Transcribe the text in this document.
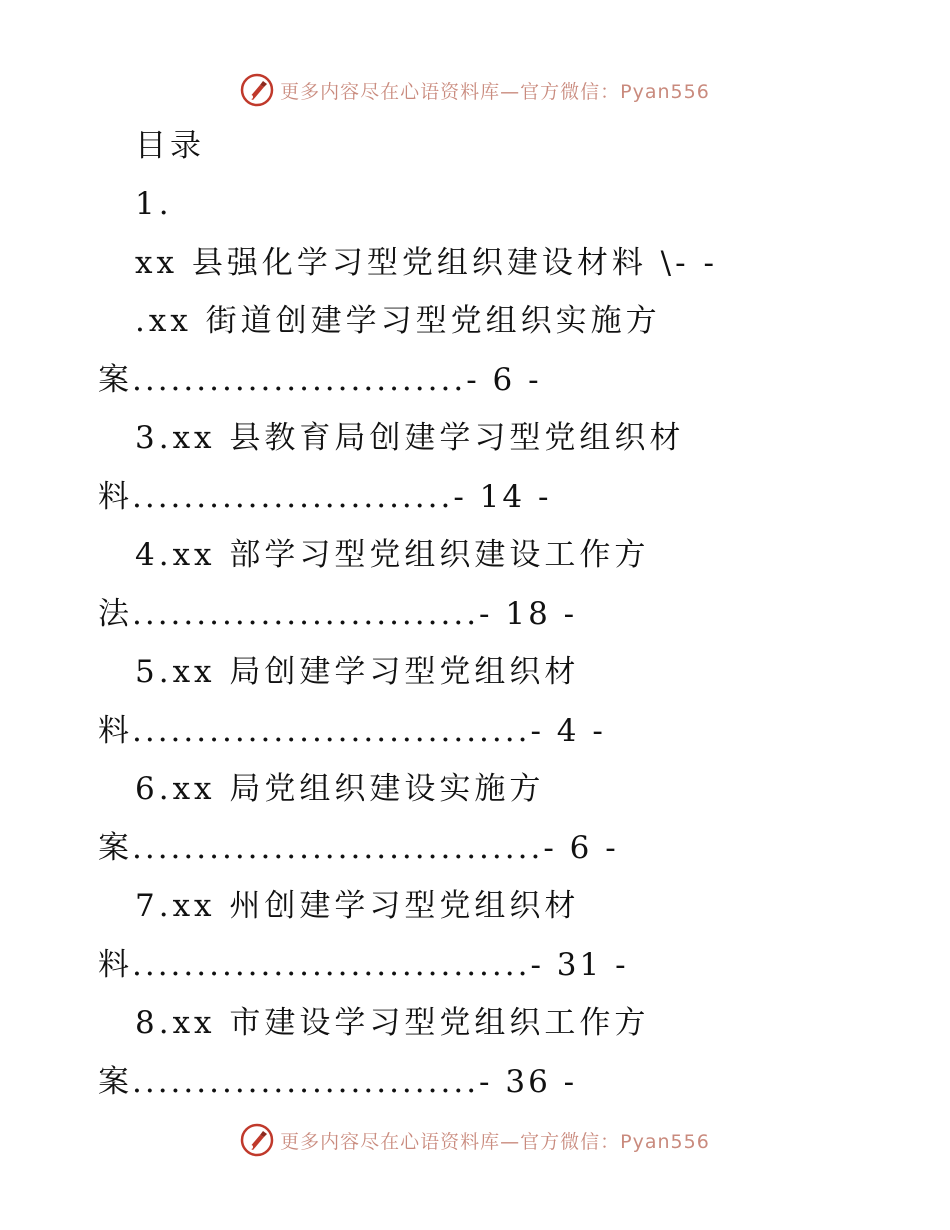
更多内容尽在心语资料库—官方微信：Pyan556
目录
1.
xx 县强化学习型党组织建设材料 \- -
.xx 街道创建学习型党组织实施方
案..........................- 6 -
3.xx 县教育局创建学习型党组织材
料.........................- 14 -
4.xx 部学习型党组织建设工作方
法...........................- 18 -
5.xx 局创建学习型党组织材
料...............................- 4 -
6.xx 局党组织建设实施方
案................................- 6 -
7.xx 州创建学习型党组织材
料...............................- 31 -
8.xx 市建设学习型党组织工作方
案...........................- 36 -
更多内容尽在心语资料库—官方微信：Pyan556
